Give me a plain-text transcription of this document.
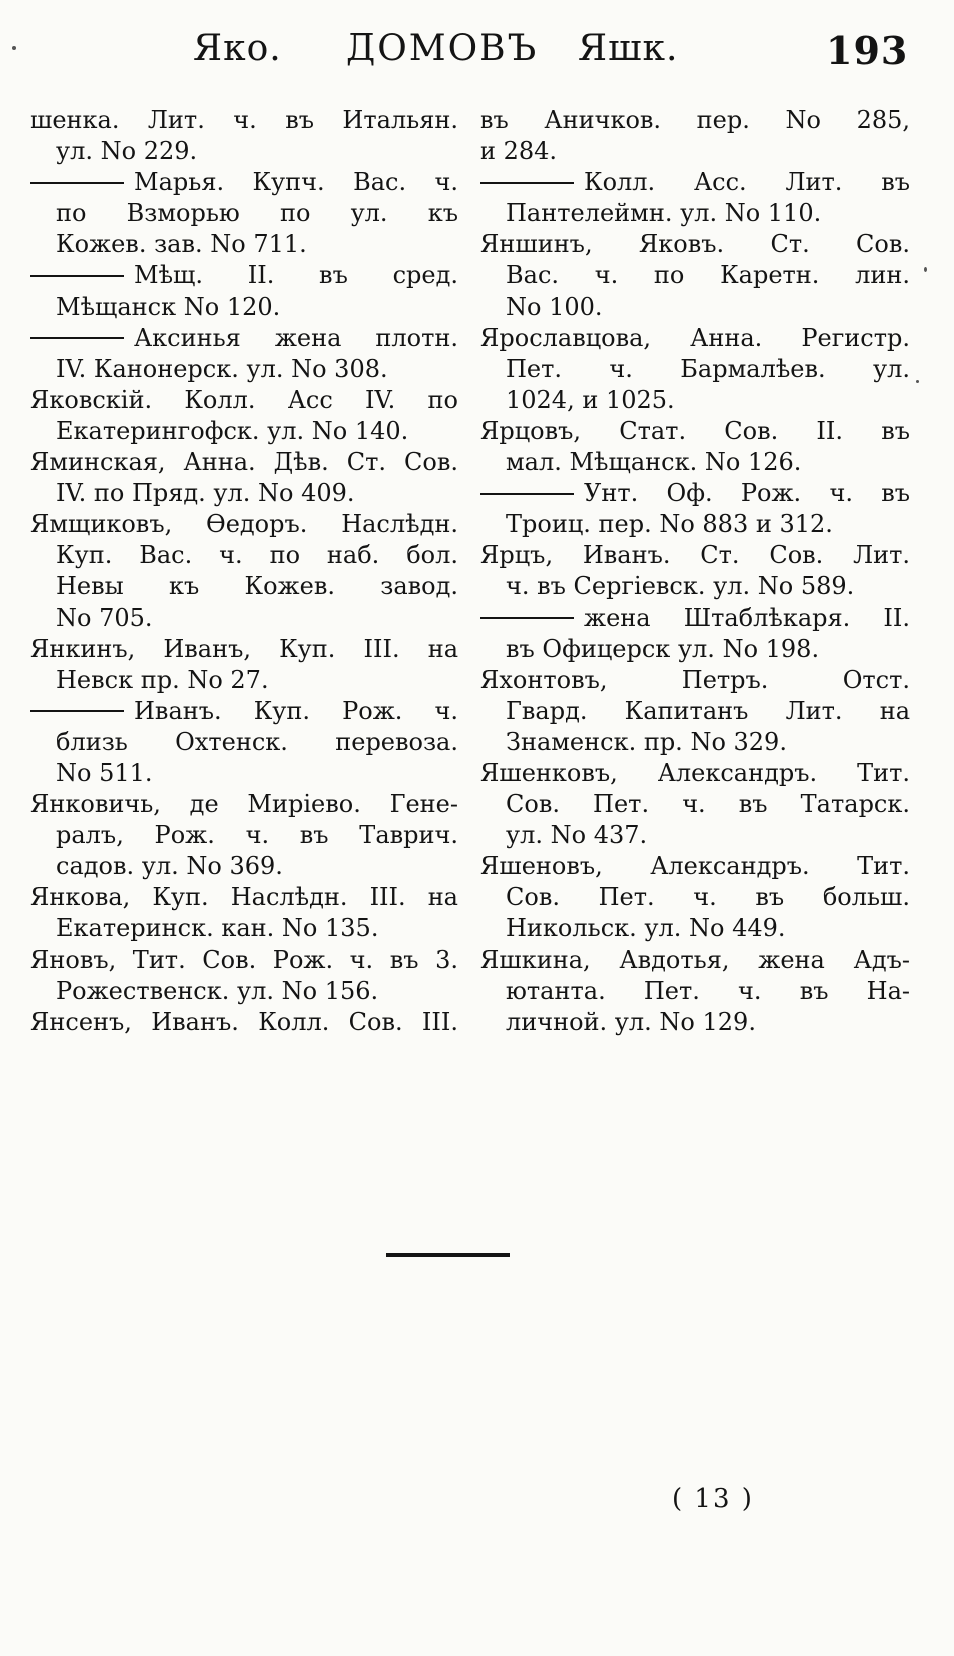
Яко. ДОМОВЪ Яшк.	193
шенка. Лит. ч. въ Итальян.
ул. No 229.
Марья. Купч. Вас. ч.
по Взморью по ул. къ
Кожев. зав. No 711.
Мѣщ. II. въ сред.
Мѣщанск No 120.
Аксинья жена плотн.
IV. Канонерск. ул. No 308.
Яковскій. Колл. Асс IV. по
Екатерингофск. ул. No 140.
Яминская, Анна. Дѣв. Ст. Сов.
IV. по Пряд. ул. No 409.
Ямщиковъ, Өедоръ. Наслѣдн.
Куп. Вас. ч. по наб. бол.
Невы къ Кожев. завод.
No 705.
Янкинъ, Иванъ, Куп. III. на
Невск пр. No 27.
Иванъ. Куп. Рож. ч.
близь Охтенск. перевоза.
No 511.
Янковичь, де Миріево. Гене-
ралъ, Рож. ч. въ Таврич.
садов. ул. No 369.
Янкова, Куп. Наслѣдн. III. на
Екатеринск. кан. No 135.
Яновъ, Тит. Сов. Рож. ч. въ 3.
Рожественск. ул. No 156.
Янсенъ, Иванъ. Колл. Сов. III.
въ Аничков. пер. No 285,
и 284.
Колл. Асс. Лит. въ
Пантелеймн. ул. No 110.
Яншинъ, Яковъ. Ст. Сов.
Вас. ч. по Каретн. лин.
No 100.
Ярославцова, Анна. Регистр.
Пет. ч. Бармалѣев. ул.
1024, и 1025.
Ярцовъ, Стат. Сов. II. въ
мал. Мѣщанск. No 126.
Унт. Оф. Рож. ч. въ
Троиц. пер. No 883 и 312.
Ярцъ, Иванъ. Ст. Сов. Лит.
ч. въ Сергіевск. ул. No 589.
жена Штаблѣкаря. II.
въ Офицерск ул. No 198.
Яхонтовъ, Петръ. Отст.
Гвард. Капитанъ Лит. на
Знаменск. пр. No 329.
Яшенковъ, Александръ. Тит.
Сов. Пет. ч. въ Татарск.
ул. No 437.
Яшеновъ, Александръ. Тит.
Сов. Пет. ч. въ больш.
Никольск. ул. No 449.
Яшкина, Авдотья, жена Адъ-
ютанта. Пет. ч. въ На-
личной. ул. No 129.
( 13 )
